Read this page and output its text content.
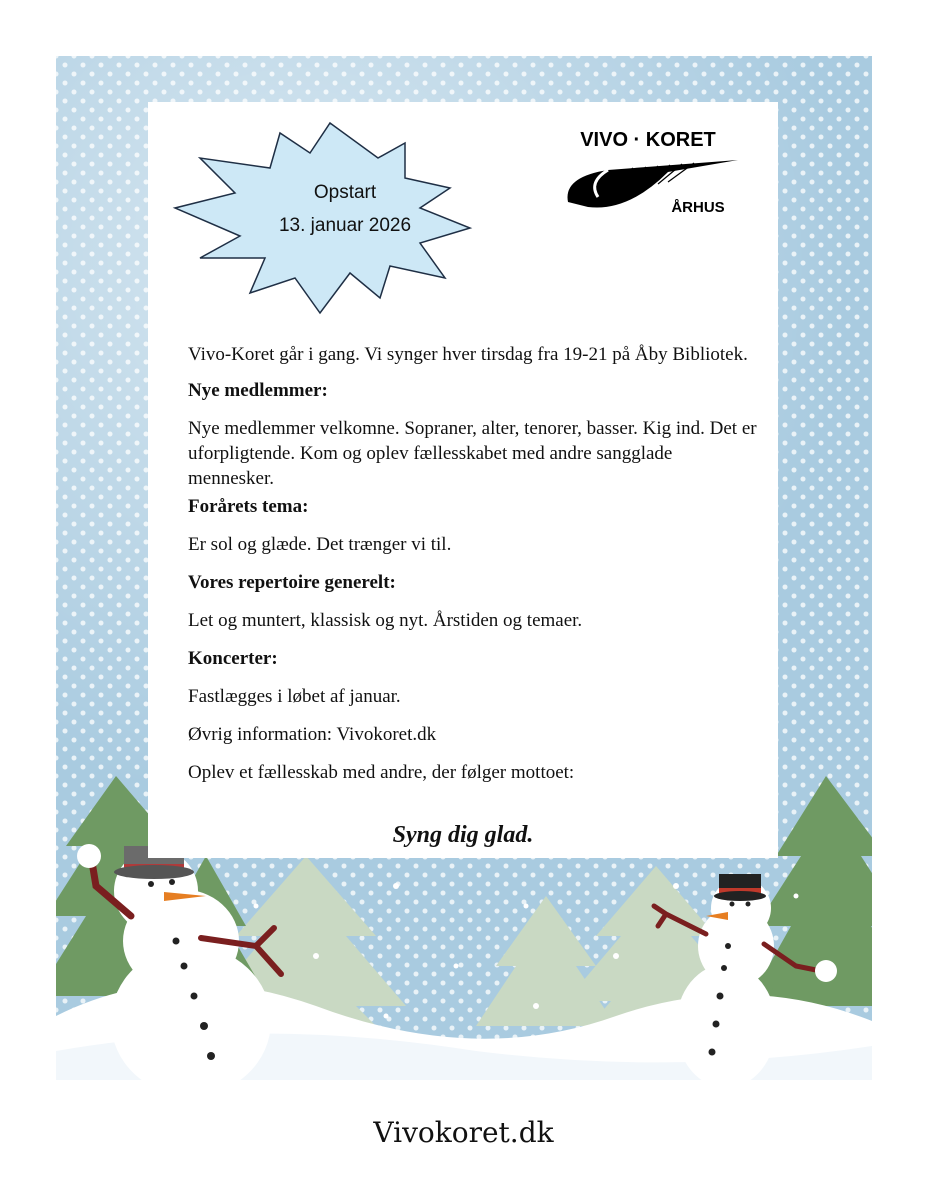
Opstart
13. januar 2026
VIVO · KORET
ÅRHUS

Vivo-Koret går i gang. Vi synger hver tirsdag fra 19-21 på Åby Bibliotek.

Nye medlemmer:

Nye medlemmer velkomne. Sopraner, alter, tenorer, basser. Kig ind. Det er uforpligtende. Kom og oplev fællesskabet med andre sangglade mennesker.

Forårets tema:

Er sol og glæde. Det trænger vi til.

Vores repertoire generelt:

Let og muntert, klassisk og nyt. Årstiden og temaer.

Koncerter:

Fastlægges i løbet af januar.

Øvrig information: Vivokoret.dk

Oplev et fællesskab med andre, der følger mottoet:

Syng dig glad.
Vivokoret.dk
